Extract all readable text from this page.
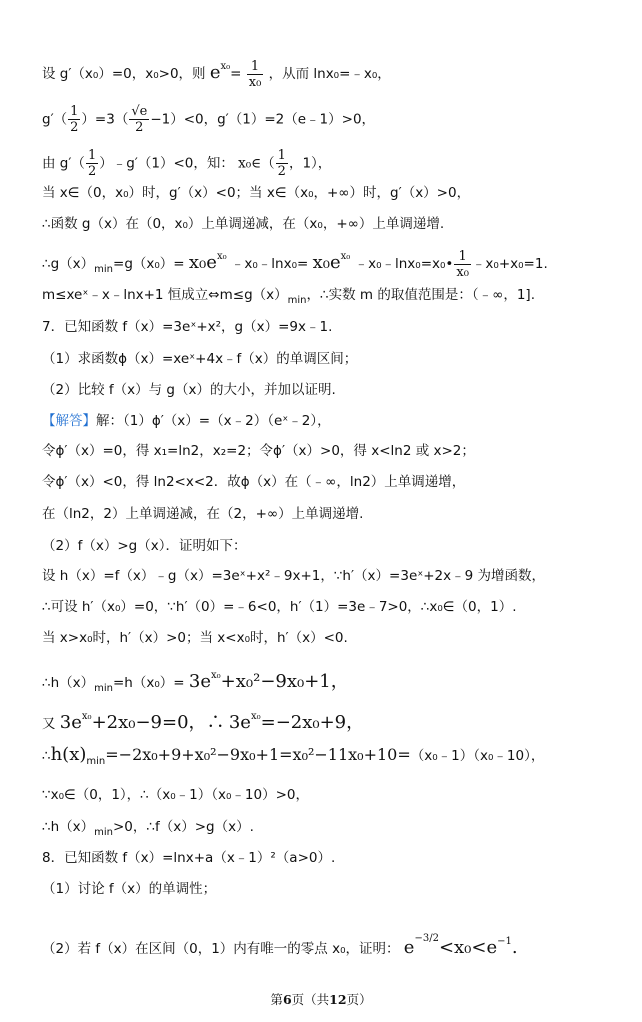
设 g′（x₀）=0，x₀>0，则 $e^{x_0}= \frac{1}{\text{x₀}}$ ，从而 lnx₀=﹣x₀，
$g'( \frac{1}{2} )=3( \frac{√e}{2} -1)<0$，g′（1）=2（e﹣1）>0，
由 $g'( \frac{1}{2}$ ）﹣g′（1）<0，知： x₀∈（ $\frac{1}{2}$ ，1），
当 x∈（0，x₀）时，g′（x）<0；当 x∈（x₀，+∞）时，g′（x）>0，
∴函数 g（x）在（0，x₀）上单调递减，在（x₀，+∞）上单调递增.
$\therefore g(x)_{min}=g(x_0)= x_0e^{x_0}$ ﹣x₀﹣lnx₀= $x_0e^{x_0}$ ﹣x₀﹣lnx₀=x₀• $\frac{1}{\text{x₀}}$ ﹣x₀+x₀=1.
m≤xeˣ﹣x﹣lnx+1 恒成立$\Leftrightarrow m\le g(x)_{min}$，∴实数 m 的取值范围是：（﹣∞，1].
7．已知函数 f（x）=3eˣ+x²，g（x）=9x﹣1.
（1）求函数ϕ（x）=xeˣ+4x﹣f（x）的单调区间；
（2）比较 f（x）与 g（x）的大小，并加以证明.
【解答】解：（1）ϕ′（x）=（x﹣2）（eˣ﹣2），
令ϕ′（x）=0，得 x₁=ln2，x₂=2；令ϕ′（x）>0，得 x<ln2 或 x>2；
令ϕ′（x）<0，得 ln2<x<2．故ϕ（x）在（﹣∞，ln2）上单调递增，
在（ln2，2）上单调递减，在（2，+∞）上单调递增.
（2）f（x）>g（x）．证明如下：
设 h（x）=f（x）﹣g（x）=3eˣ+x²﹣9x+1，∵h′（x）=3eˣ+2x﹣9 为增函数，
∴可设 h′（x₀）=0，∵h′（0）=﹣6<0，h′（1）=3e﹣7>0，∴x₀∈（0，1）.
当 x>x₀时，h′（x）>0；当 x<x₀时，h′（x）<0.
$\therefore h(x)_{min}=h(x_0)= 3e^{x_0}+x_0^2-9x_0+1$，
又 $3e^{x_0}+2x_0-9=0$，∴ $3e^{x_0}=-2x_0+9$，
$\therefore h(x)_{min}=-2x_0+9+x_0^2-9x_0+1=x_0^2-11x_0+10=(x_0﹣1)(x_0﹣10)$，
∵x₀∈（0，1），∴（x₀﹣1）（x₀﹣10）>0，
$\therefore h(x)_{min}>0$，∴f（x）>g（x）.
8．已知函数 f（x）=lnx+a（x﹣1）²（a>0）.
（1）讨论 f（x）的单调性；
（2）若 f（x）在区间（0，1）内有唯一的零点 x₀，证明： $e^{-3/2}<x_0<e^{-1}$.
第6页（共12页）
